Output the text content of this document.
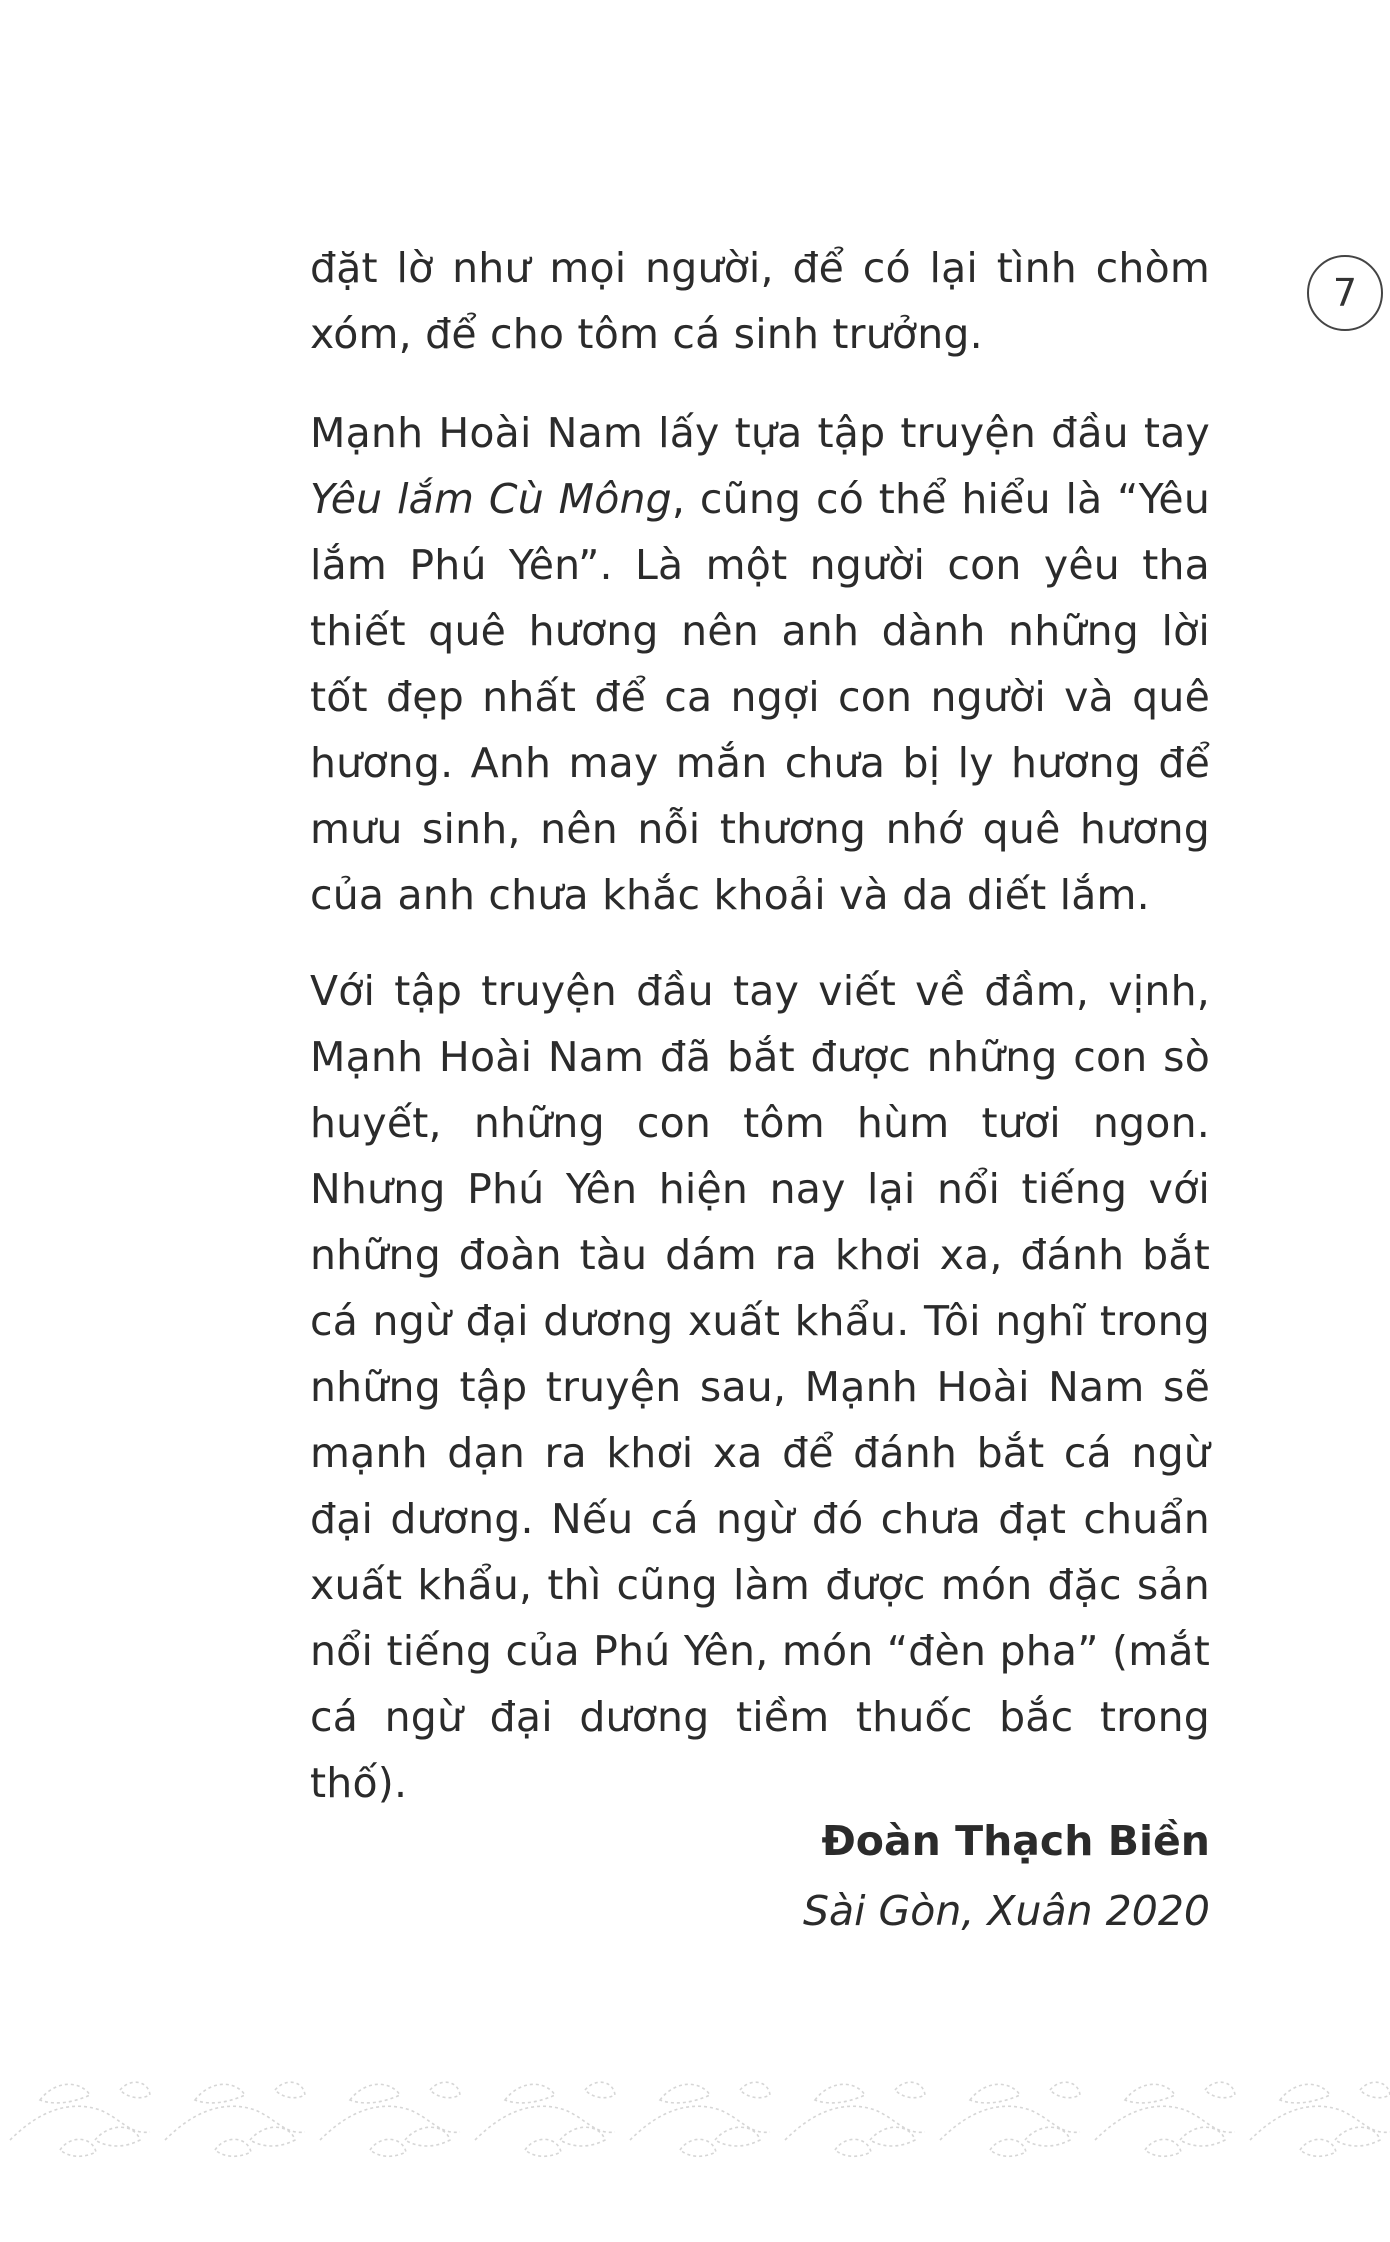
7

đặt lờ như mọi người, để có lại tình chòm xóm, để cho tôm cá sinh trưởng.

Mạnh Hoài Nam lấy tựa tập truyện đầu tay Yêu lắm Cù Mông, cũng có thể hiểu là “Yêu lắm Phú Yên”. Là một người con yêu tha thiết quê hương nên anh dành những lời tốt đẹp nhất để ca ngợi con người và quê hương. Anh may mắn chưa bị ly hương để mưu sinh, nên nỗi thương nhớ quê hương của anh chưa khắc khoải và da diết lắm.

Với tập truyện đầu tay viết về đầm, vịnh, Mạnh Hoài Nam đã bắt được những con sò huyết, những con tôm hùm tươi ngon. Nhưng Phú Yên hiện nay lại nổi tiếng với những đoàn tàu dám ra khơi xa, đánh bắt cá ngừ đại dương xuất khẩu. Tôi nghĩ trong những tập truyện sau, Mạnh Hoài Nam sẽ mạnh dạn ra khơi xa để đánh bắt cá ngừ đại dương. Nếu cá ngừ đó chưa đạt chuẩn xuất khẩu, thì cũng làm được món đặc sản nổi tiếng của Phú Yên, món “đèn pha” (mắt cá ngừ đại dương tiềm thuốc bắc trong thố).

Đoàn Thạch Biền
Sài Gòn, Xuân 2020
